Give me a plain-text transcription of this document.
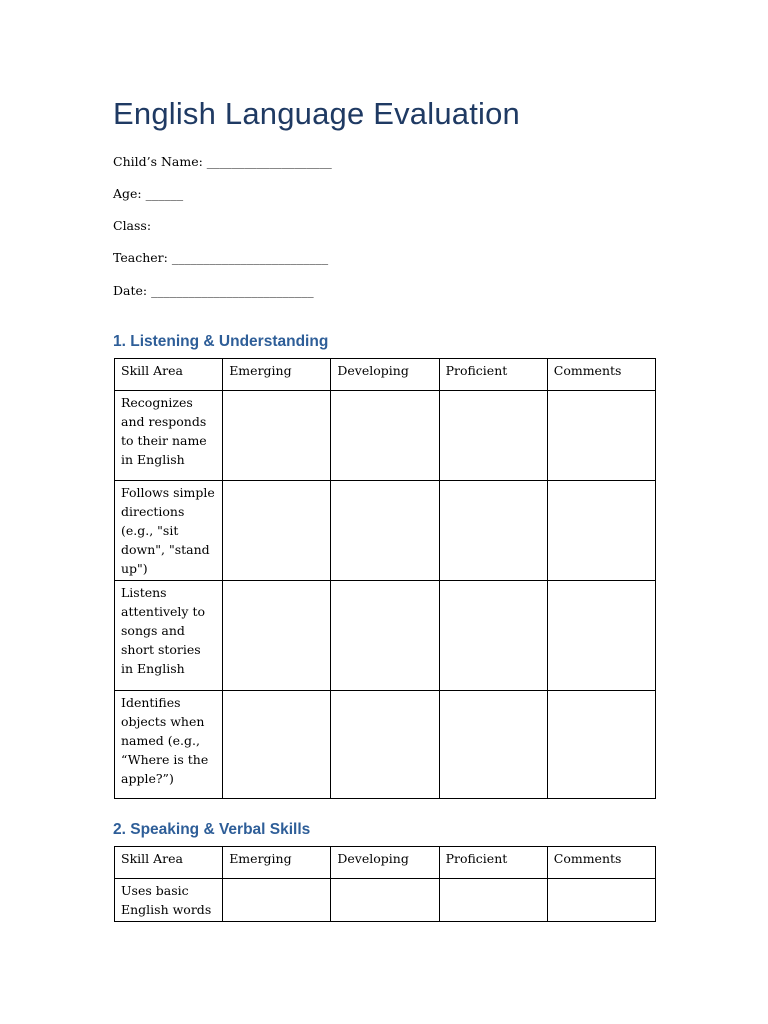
English Language Evaluation
Child’s Name: ____________________
Age: ______
Class:
Teacher: _________________________
Date: __________________________
1. Listening & Understanding
Skill Area	Emerging	Developing	Proficient	Comments
Recognizes and responds to their name in English				
Follows simple directions (e.g., "sit down", "stand up")				
Listens attentively to songs and short stories in English				
Identifies objects when named (e.g., “Where is the apple?”)				
2. Speaking & Verbal Skills
Skill Area	Emerging	Developing	Proficient	Comments
Uses basic English words				
